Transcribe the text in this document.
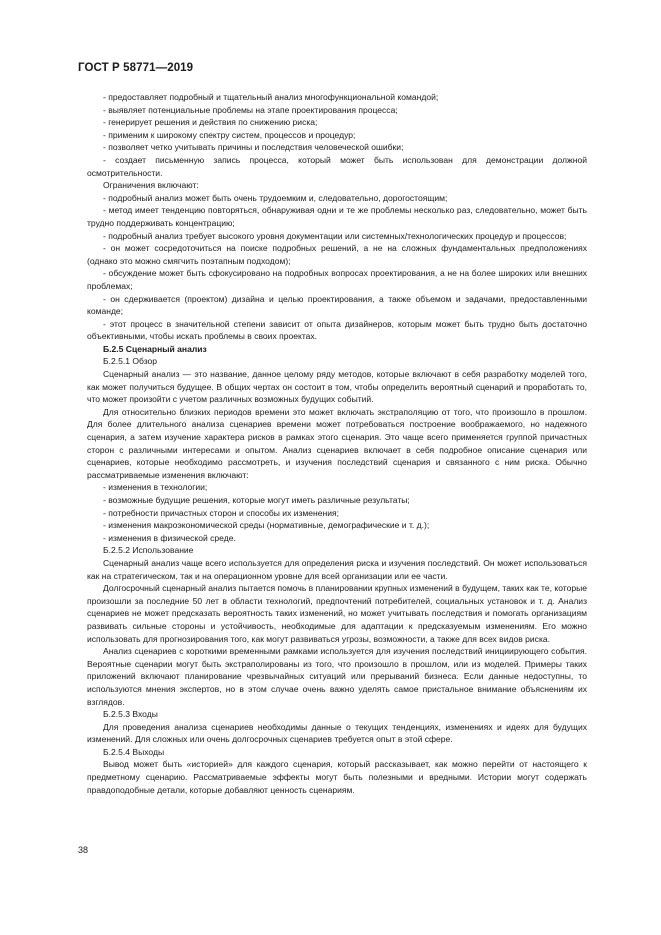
ГОСТ Р 58771—2019

- предоставляет подробный и тщательный анализ многофункциональной командой;

- выявляет потенциальные проблемы на этапе проектирования процесса;

- генерирует решения и действия по снижению риска;

- применим к широкому спектру систем, процессов и процедур;

- позволяет четко учитывать причины и последствия человеческой ошибки;

- создает письменную запись процесса, который может быть использован для демонстрации должной осмотрительности.

Ограничения включают:

- подробный анализ может быть очень трудоемким и, следовательно, дорогостоящим;

- метод имеет тенденцию повторяться, обнаруживая одни и те же проблемы несколько раз, следовательно, может быть трудно поддерживать концентрацию;

- подробный анализ требует высокого уровня документации или системных/технологических процедур и процессов;

- он может сосредоточиться на поиске подробных решений, а не на сложных фундаментальных предположениях (однако это можно смягчить поэтапным подходом);

- обсуждение может быть сфокусировано на подробных вопросах проектирования, а не на более широких или внешних проблемах;

- он сдерживается (проектом) дизайна и целью проектирования, а также объемом и задачами, предоставленными команде;

- этот процесс в значительной степени зависит от опыта дизайнеров, которым может быть трудно быть достаточно объективными, чтобы искать проблемы в своих проектах.

Б.2.5 Сценарный анализ

Б.2.5.1 Обзор

Сценарный анализ — это название, данное целому ряду методов, которые включают в себя разработку моделей того, как может получиться будущее. В общих чертах он состоит в том, чтобы определить вероятный сценарий и проработать то, что может произойти с учетом различных возможных будущих событий.

Для относительно близких периодов времени это может включать экстраполяцию от того, что произошло в прошлом. Для более длительного анализа сценариев времени может потребоваться построение воображаемого, но надежного сценария, а затем изучение характера рисков в рамках этого сценария. Это чаще всего применяется группой причастных сторон с различными интересами и опытом. Анализ сценариев включает в себя подробное описание сценария или сценариев, которые необходимо рассмотреть, и изучения последствий сценария и связанного с ним риска. Обычно рассматриваемые изменения включают:

- изменения в технологии;

- возможные будущие решения, которые могут иметь различные результаты;

- потребности причастных сторон и способы их изменения;

- изменения макроэкономической среды (нормативные, демографические и т. д.);

- изменения в физической среде.

Б.2.5.2 Использование

Сценарный анализ чаще всего используется для определения риска и изучения последствий. Он может использоваться как на стратегическом, так и на операционном уровне для всей организации или ее части.

Долгосрочный сценарный анализ пытается помочь в планировании крупных изменений в будущем, таких как те, которые произошли за последние 50 лет в области технологий, предпочтений потребителей, социальных установок и т. д. Анализ сценариев не может предсказать вероятность таких изменений, но может учитывать последствия и помогать организациям развивать сильные стороны и устойчивость, необходимые для адаптации к предсказуемым изменениям. Его можно использовать для прогнозирования того, как могут развиваться угрозы, возможности, а также для всех видов риска.

Анализ сценариев с короткими временными рамками используется для изучения последствий инициирующего события. Вероятные сценарии могут быть экстраполированы из того, что произошло в прошлом, или из моделей. Примеры таких приложений включают планирование чрезвычайных ситуаций или прерываний бизнеса. Если данные недоступны, то используются мнения экспертов, но в этом случае очень важно уделять самое пристальное внимание объяснениям их взглядов.

Б.2.5.3 Входы

Для проведения анализа сценариев необходимы данные о текущих тенденциях, изменениях и идеях для будущих изменений. Для сложных или очень долгосрочных сценариев требуется опыт в этой сфере.

Б.2.5.4 Выходы

Вывод может быть «историей» для каждого сценария, который рассказывает, как можно перейти от настоящего к предметному сценарию. Рассматриваемые эффекты могут быть полезными и вредными. Истории могут содержать правдоподобные детали, которые добавляют ценность сценариям.

38
